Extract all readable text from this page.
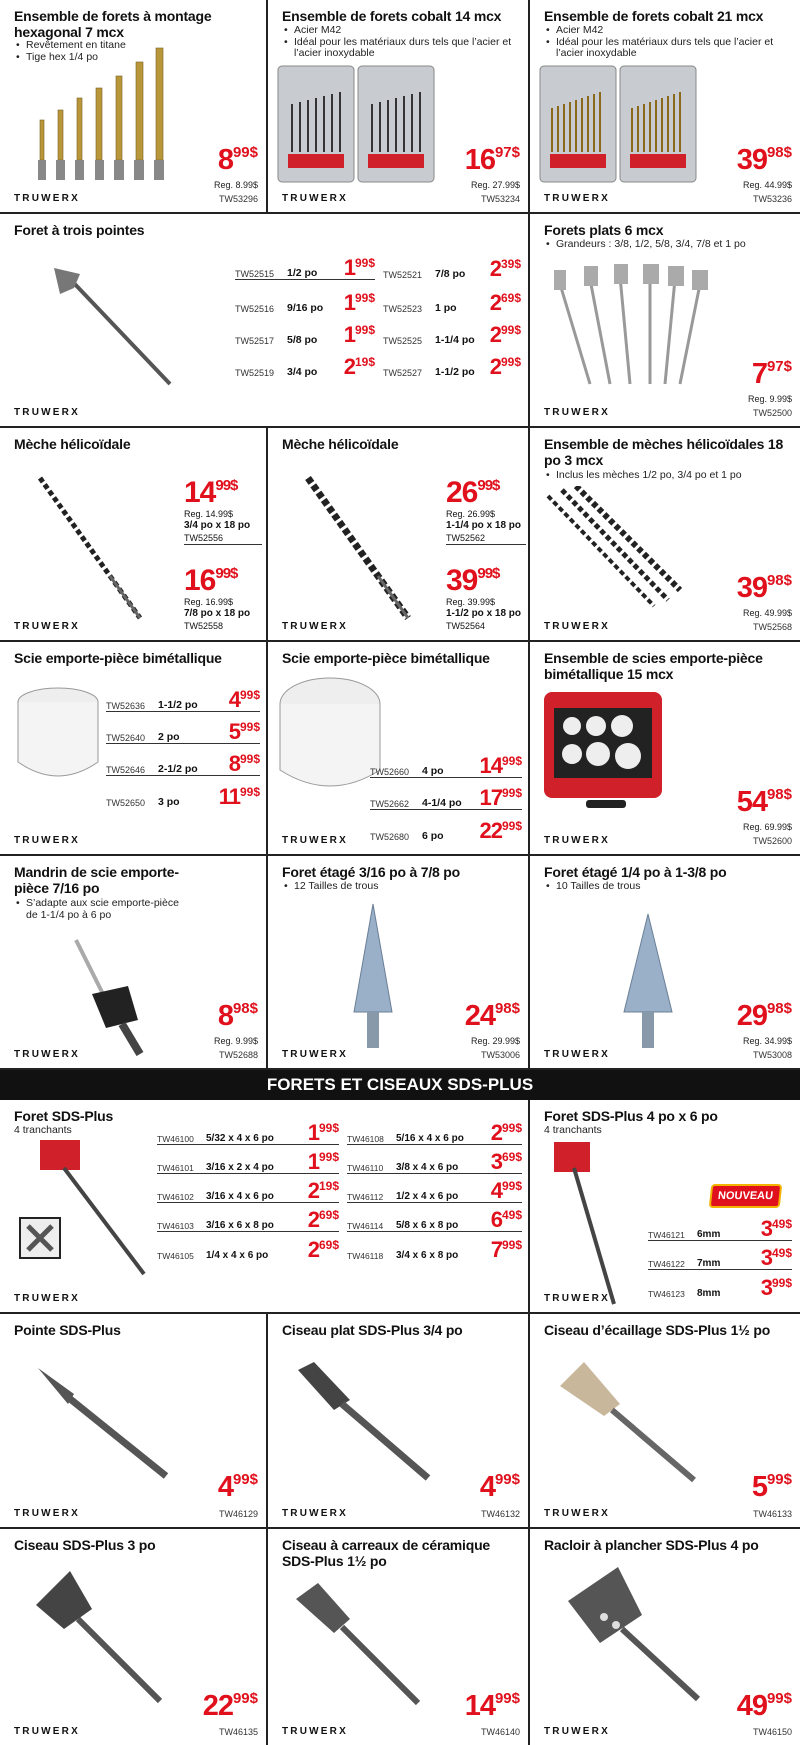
Ensemble de forets à montage hexagonal 7 mcx
• Revêtement en titane
• Tige hex 1/4 po
$8^{99\$}$
Reg. 8.99$
TRUWERX	TW53296
Ensemble de forets cobalt 14 mcx
• Acier M42
• Idéal pour les matériaux durs tels que l’acier et l’acier inoxydable
$16^{97\$}$
Reg. 27.99$
TRUWERX	TW53234
Ensemble de forets cobalt 21 mcx
• Acier M42
• Idéal pour les matériaux durs tels que l’acier et l’acier inoxydable
$39^{98\$}$
Reg. 44.99$
TRUWERX	TW53236
Foret à trois pointes
TW52515	1/2 po	$1^{99\$}$
TW52516	9/16 po $1^{99\$}$
TW52517	5/8 po	$1^{99\$}$
TW52519	3/4 po	$2^{19\$}$
TW52521	7/8 po	$2^{39\$}$
TW52523	1 po	$2^{69\$}$
TW52525	1-1/4 po $2^{99\$}$
TW52527	1-1/2 po $2^{99\$}$
TRUWERX
Forets plats 6 mcx
• Grandeurs : 3/8, 1/2, 5/8, 3/4, 7/8 et 1 po
$7^{97\$}$
Reg. 9.99$
TRUWERX	TW52500
Mèche hélicoïdale
$14^{99\$}$
Reg. 14.99$
3/4 po x 18 po
TW52556
$16^{99\$}$
Reg. 16.99$
7/8 po x 18 po
TW52558
TRUWERX
Mèche hélicoïdale
$26^{99\$}$
Reg. 26.99$
1-1/4 po x 18 po
TW52562
$39^{99\$}$
Reg. 39.99$
1-1/2 po x 18 po
TW52564
TRUWERX
Ensemble de mèches hélicoïdales 18 po 3 mcx
• Inclus les mèches 1/2 po, 3/4 po et 1 po
$39^{98\$}$
Reg. 49.99$
TRUWERX	TW52568
Scie emporte-pièce bimétallique
TW52636	1-1/2 po	$4^{99\$}$
TW52640	2 po	$5^{99\$}$
TW52646	2-1/2 po	$8^{99\$}$
TW52650	3 po	$11^{99\$}$
TRUWERX
Scie emporte-pièce bimétallique
TW52660	4 po	$14^{99\$}$
TW52662	4-1/4 po $17^{99\$}$
TW52680	6 po	$22^{99\$}$
TRUWERX
Ensemble de scies emporte-pièce bimétallique 15 mcx
$54^{98\$}$
Reg. 69.99$
TRUWERX	TW52600
Mandrin de scie emporte-pièce 7/16 po
• S’adapte aux scie emporte-pièce de 1-1/4 po à 6 po
$8^{98\$}$
Reg. 9.99$
TRUWERX	TW52688
Foret étagé 3/16 po à 7/8 po
• 12 Tailles de trous
$24^{98\$}$
Reg. 29.99$
TRUWERX	TW53006
Foret étagé 1/4 po à 1-3/8 po
• 10 Tailles de trous
$29^{98\$}$
Reg. 34.99$
TRUWERX	TW53008
FORETS ET CISEAUX SDS-PLUS
Foret SDS-Plus
4 tranchants
TW46100	5/32 x 4 x 6 po	$1^{99\$}$
TW46101	3/16 x 2 x 4 po	$1^{99\$}$
TW46102	3/16 x 4 x 6 po	$2^{19\$}$
TW46103	3/16 x 6 x 8 po	$2^{69\$}$
TW46105	1/4 x 4 x 6 po	$2^{69\$}$
TW46108	5/16 x 4 x 6 po	$2^{99\$}$
TW46110	3/8 x 4 x 6 po	$3^{69\$}$
TW46112	1/2 x 4 x 6 po	$4^{99\$}$
TW46114	5/8 x 6 x 8 po	$6^{49\$}$
TW46118	3/4 x 6 x 8 po	$7^{99\$}$
TRUWERX
Foret SDS-Plus 4 po x 6 po
4 tranchants
NOUVEAU
TW46121	6mm	$3^{49\$}$
TW46122	7mm	$3^{49\$}$
TW46123	8mm	$3^{99\$}$
TRUWERX
Pointe SDS-Plus
$4^{99\$}$
TRUWERX	TW46129
Ciseau plat SDS-Plus 3/4 po
$4^{99\$}$
TRUWERX	TW46132
Ciseau d’écaillage SDS-Plus 1½ po
$5^{99\$}$
TRUWERX	TW46133
Ciseau SDS-Plus 3 po
$22^{99\$}$
TRUWERX	TW46135
Ciseau à carreaux de céramique SDS-Plus 1½ po
$14^{99\$}$
TRUWERX	TW46140
Racloir à plancher SDS-Plus 4 po
$49^{99\$}$
TRUWERX	TW46150
